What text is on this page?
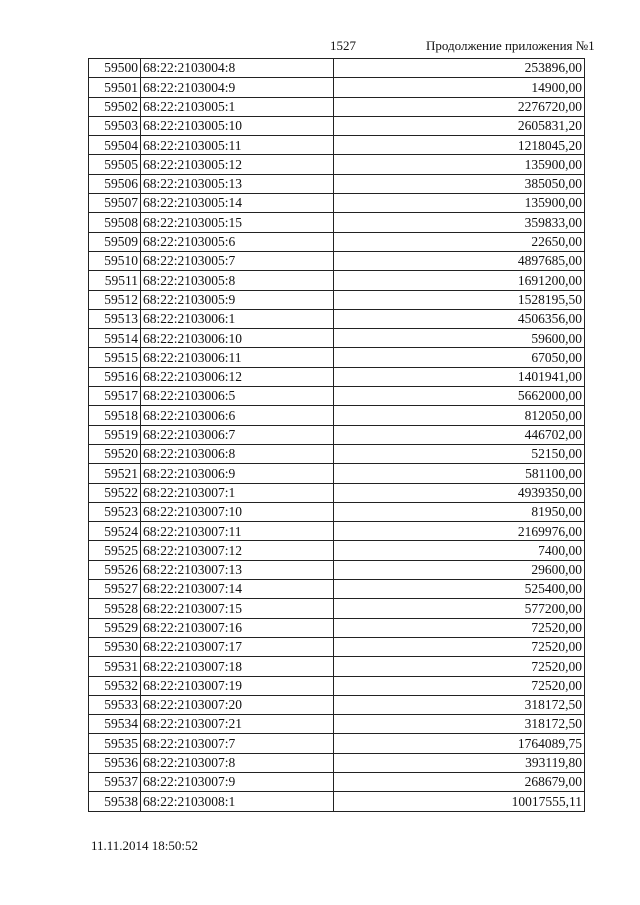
1527	Продолжение приложения №1
59500	68:22:2103004:8	253896,00
59501	68:22:2103004:9	14900,00
59502	68:22:2103005:1	2276720,00
59503	68:22:2103005:10	2605831,20
59504	68:22:2103005:11	1218045,20
59505	68:22:2103005:12	135900,00
59506	68:22:2103005:13	385050,00
59507	68:22:2103005:14	135900,00
59508	68:22:2103005:15	359833,00
59509	68:22:2103005:6	22650,00
59510	68:22:2103005:7	4897685,00
59511	68:22:2103005:8	1691200,00
59512	68:22:2103005:9	1528195,50
59513	68:22:2103006:1	4506356,00
59514	68:22:2103006:10	59600,00
59515	68:22:2103006:11	67050,00
59516	68:22:2103006:12	1401941,00
59517	68:22:2103006:5	5662000,00
59518	68:22:2103006:6	812050,00
59519	68:22:2103006:7	446702,00
59520	68:22:2103006:8	52150,00
59521	68:22:2103006:9	581100,00
59522	68:22:2103007:1	4939350,00
59523	68:22:2103007:10	81950,00
59524	68:22:2103007:11	2169976,00
59525	68:22:2103007:12	7400,00
59526	68:22:2103007:13	29600,00
59527	68:22:2103007:14	525400,00
59528	68:22:2103007:15	577200,00
59529	68:22:2103007:16	72520,00
59530	68:22:2103007:17	72520,00
59531	68:22:2103007:18	72520,00
59532	68:22:2103007:19	72520,00
59533	68:22:2103007:20	318172,50
59534	68:22:2103007:21	318172,50
59535	68:22:2103007:7	1764089,75
59536	68:22:2103007:8	393119,80
59537	68:22:2103007:9	268679,00
59538	68:22:2103008:1	10017555,11
11.11.2014 18:50:52
